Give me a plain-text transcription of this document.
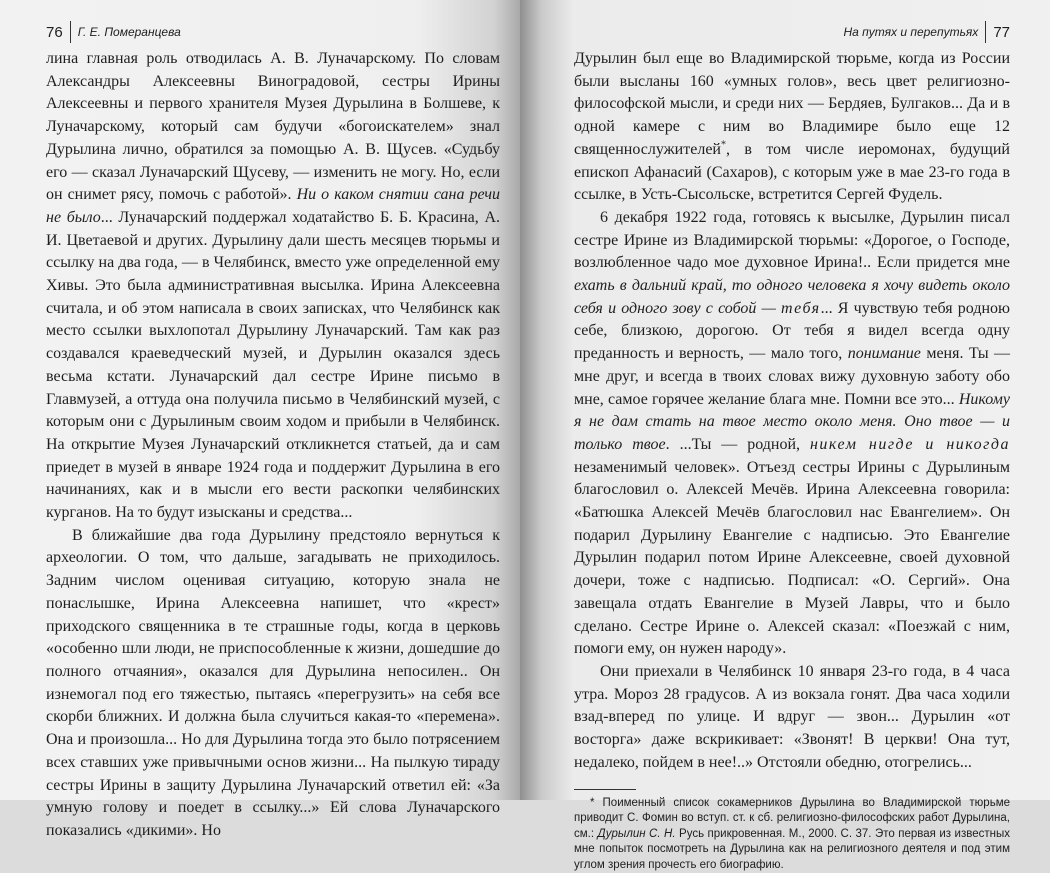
76 Г. Е. Померанцева

лина главная роль отводилась А. В. Луначарскому. По словам Александры Алексеевны Виноградовой, сестры Ирины Алексеевны и первого хранителя Музея Дурылина в Болшеве, к Луначарскому, который сам будучи «богоискателем» знал Дурылина лично, обратился за помощью А. В. Щусев. «Судьбу его — сказал Луначарский Щусеву, — изменить не могу. Но, если он снимет рясу, помочь с работой». Ни о каком снятии сана речи не было... Луначарский поддержал ходатайство Б. Б. Красина, А. И. Цветаевой и других. Дурылину дали шесть месяцев тюрьмы и ссылку на два года, — в Челябинск, вместо уже определенной ему Хивы. Это была административная высылка. Ирина Алексеевна считала, и об этом написала в своих записках, что Челябинск как место ссылки выхлопотал Дурылину Луначарский. Там как раз создавался краеведческий музей, и Дурылин оказался здесь весьма кстати. Луначарский дал сестре Ирине письмо в Главмузей, а оттуда она получила письмо в Челябинский музей, с которым они с Дурылиным своим ходом и прибыли в Челябинск. На открытие Музея Луначарский откликнется статьей, да и сам приедет в музей в январе 1924 года и поддержит Дурылина в его начинаниях, как и в мысли его вести раскопки челябинских курганов. На то будут изысканы и средства...

В ближайшие два года Дурылину предстояло вернуться к археологии. О том, что дальше, загадывать не приходилось. Задним числом оценивая ситуацию, которую знала не понаслышке, Ирина Алексеевна напишет, что «крест» приходского священника в те страшные годы, когда в церковь «особенно шли люди, не приспособленные к жизни, дошедшие до полного отчаяния», оказался для Дурылина непосилен.. Он изнемогал под его тяжестью, пытаясь «перегрузить» на себя все скорби ближних. И должна была случиться какая-то «перемена». Она и произошла... Но для Дурылина тогда это было потрясением всех ставших уже привычными основ жизни... На пылкую тираду сестры Ирины в защиту Дурылина Луначарский ответил ей: «За умную голову и поедет в ссылку...» Ей слова Луначарского показались «дикими». Но

На путях и перепутьях 77

Дурылин был еще во Владимирской тюрьме, когда из России были высланы 160 «умных голов», весь цвет религиозно-философской мысли, и среди них — Бердяев, Булгаков... Да и в одной камере с ним во Владимире было еще 12 священнослужителей*, в том числе иеромонах, будущий епископ Афанасий (Сахаров), с которым уже в мае 23-го года в ссылке, в Усть-Сысольске, встретится Сергей Фудель.

6 декабря 1922 года, готовясь к высылке, Дурылин писал сестре Ирине из Владимирской тюрьмы: «Дорогое, о Господе, возлюбленное чадо мое духовное Ирина!.. Если придется мне ехать в дальний край, то одного человека я хочу видеть около себя и одного зову с собой — тебя... Я чувствую тебя родною себе, близкою, дорогою. От тебя я видел всегда одну преданность и верность, — мало того, понимание меня. Ты — мне друг, и всегда в твоих словах вижу духовную заботу обо мне, самое горячее желание блага мне. Помни все это... Никому я не дам стать на твое место около меня. Оно твое — и только твое. ...Ты — родной, никем нигде и никогда незаменимый человек». Отъезд сестры Ирины с Дурылиным благословил о. Алексей Мечёв. Ирина Алексеевна говорила: «Батюшка Алексей Мечёв благословил нас Евангелием». Он подарил Дурылину Евангелие с надписью. Это Евангелие Дурылин подарил потом Ирине Алексеевне, своей духовной дочери, тоже с надписью. Подписал: «О. Сергий». Она завещала отдать Евангелие в Музей Лавры, что и было сделано. Сестре Ирине о. Алексей сказал: «Поезжай с ним, помоги ему, он нужен народу».

Они приехали в Челябинск 10 января 23-го года, в 4 часа утра. Мороз 28 градусов. А из вокзала гонят. Два часа ходили взад-вперед по улице. И вдруг — звон... Дурылин «от восторга» даже вскрикивает: «Звонят! В церкви! Она тут, недалеко, пойдем в нее!..» Отстояли обедню, отогрелись...

* Поименный список сокамерников Дурылина во Владимирской тюрьме приводит С. Фомин во вступ. ст. к сб. религиозно-философских работ Дурылина, см.: Дурылин С. Н. Русь прикровенная. М., 2000. С. 37. Это первая из известных мне попыток посмотреть на Дурылина как на религиозного деятеля и под этим углом зрения прочесть его биографию.
